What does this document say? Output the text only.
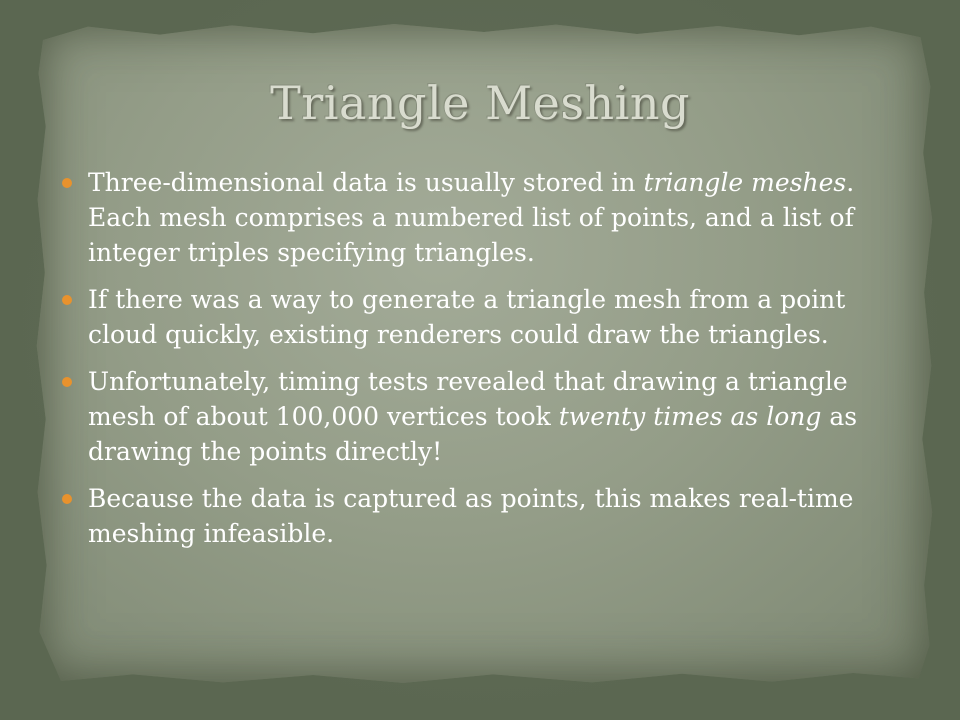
Triangle Meshing
Three-dimensional data is usually stored in triangle meshes. Each mesh comprises a numbered list of points, and a list of integer triples specifying triangles.
If there was a way to generate a triangle mesh from a point cloud quickly, existing renderers could draw the triangles.
Unfortunately, timing tests revealed that drawing a triangle mesh of about 100,000 vertices took twenty times as long as drawing the points directly!
Because the data is captured as points, this makes real-time meshing infeasible.
